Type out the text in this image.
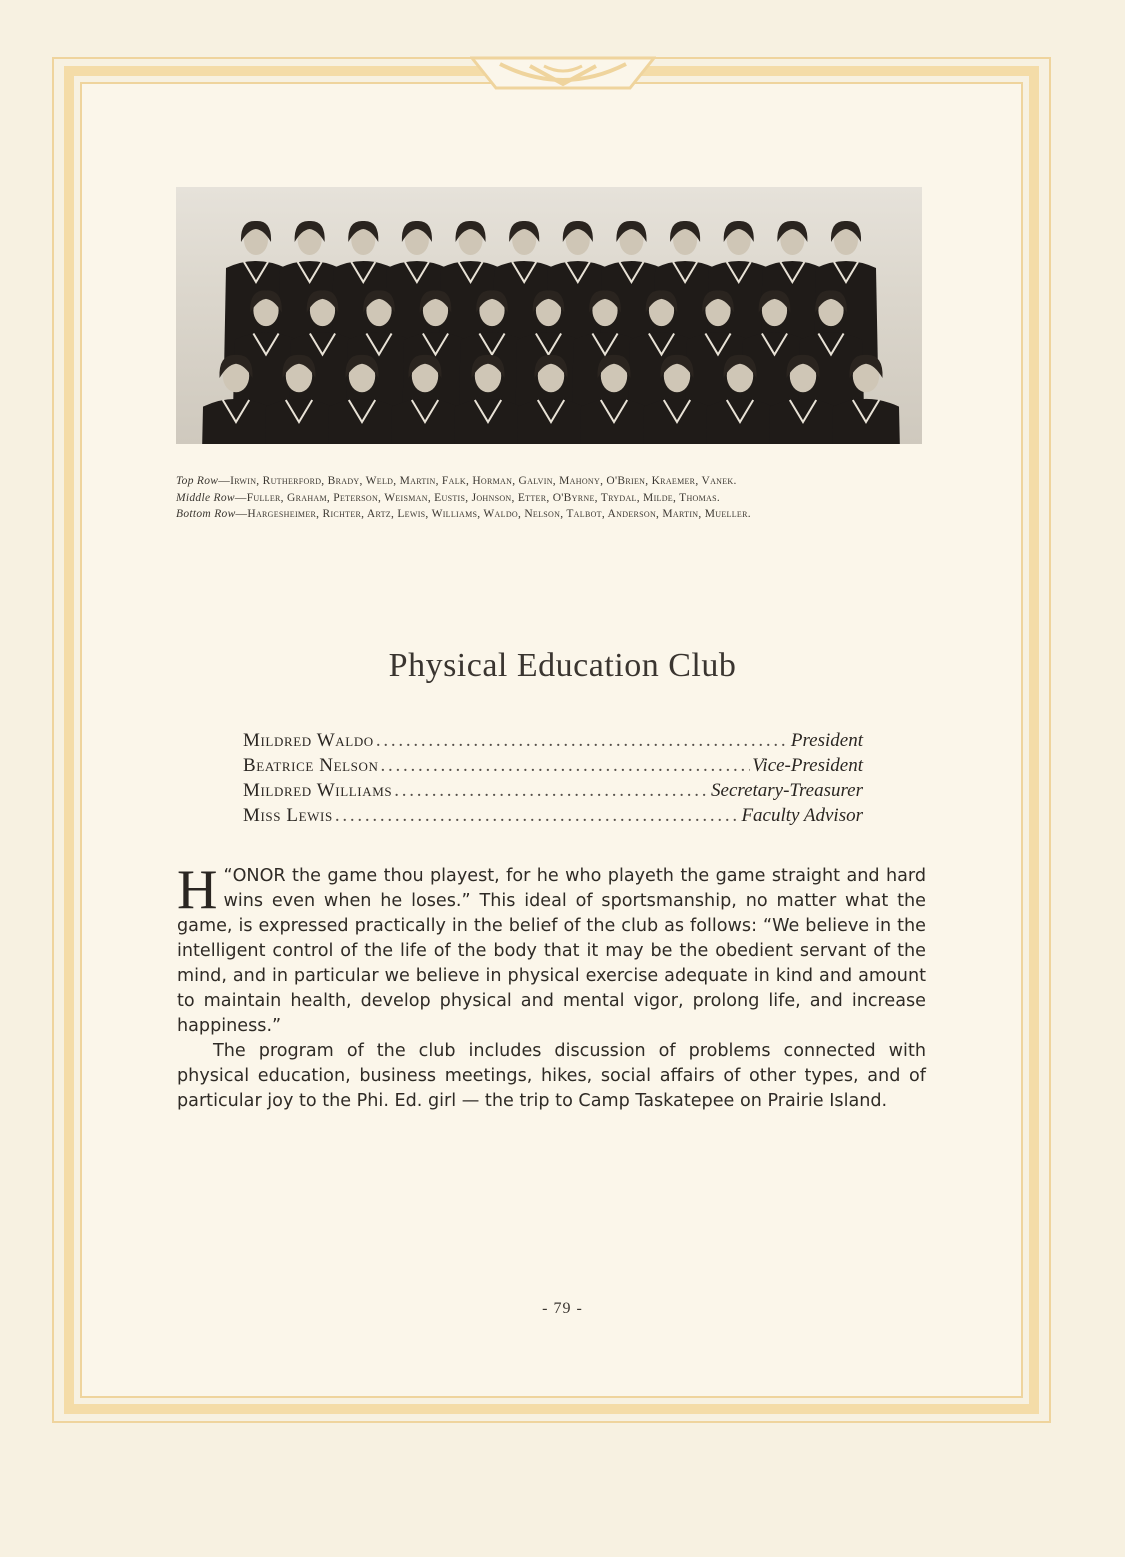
Top Row—Irwin, Rutherford, Brady, Weld, Martin, Falk, Horman, Galvin, Mahony, O'Brien, Kraemer, Vanek.
Middle Row—Fuller, Graham, Peterson, Weisman, Eustis, Johnson, Etter, O'Byrne, Trydal, Milde, Thomas.
Bottom Row—Hargesheimer, Richter, Artz, Lewis, Williams, Waldo, Nelson, Talbot, Anderson, Martin, Mueller.
Physical Education Club
Mildred Waldo . . .	President
Beatrice Nelson . . .	Vice-President
Mildred Williams . . .	Secretary-Treasurer
Miss Lewis . . .	Faculty Advisor

“
H ONOR the game thou playest, for he who playeth the game straight and hard wins even when he loses.” This ideal of sportsmanship, no matter what the game, is expressed practically in the belief of the club as follows: “We believe in the intelligent control of the life of the body that it may be the obedient servant of the mind, and in particular we believe in physical exercise adequate in kind and amount to maintain health, develop physical and mental vigor, prolong life, and increase happiness.”

The program of the club includes discussion of problems connected with physical education, business meetings, hikes, social affairs of other types, and of particular joy to the Phi. Ed. girl — the trip to Camp Taskatepee on Prairie Island.

- 79 -
